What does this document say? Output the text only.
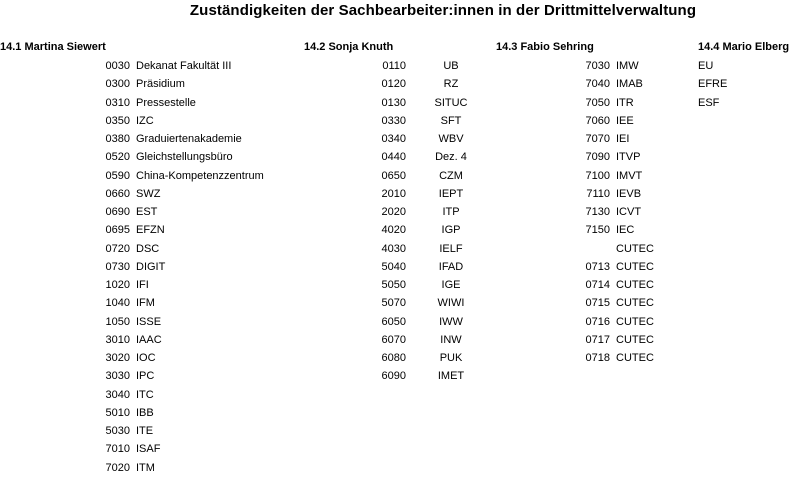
Zuständigkeiten der Sachbearbeiter:innen in der Drittmittelverwaltung
14.1 Martina Siewert	14.2 Sonja Knuth	14.3 Fabio Sehring	14.4 Mario Elberg
0030 Dekanat Fakultät III
0300 Präsidium
0310 Pressestelle
0350 IZC
0380 Graduiertenakademie
0520 Gleichstellungsbüro
0590 China-Kompetenzzentrum
0660 SWZ
0690 EST
0695 EFZN
0720 DSC
0730 DIGIT
1020 IFI
1040 IFM
1050 ISSE
3010 IAAC
3020 IOC
3030 IPC
3040 ITC
5010 IBB
5030 ITE
7010 ISAF
7020 ITM
0110	UB
0120	RZ
0130	SITUC
0330	SFT
0340	WBV
0440	Dez. 4
0650	CZM
2010	IEPT
2020	ITP
4020	IGP
4030	IELF
5040	IFAD
5050	IGE
5070	WIWI
6050	IWW
6070	INW
6080	PUK
6090	IMET
7030 IMW
7040 IMAB
7050 ITR
7060 IEE
7070 IEI
7090 ITVP
7100 IMVT
7110 IEVB
7130 ICVT
7150 IEC
CUTEC
0713 CUTEC
0714 CUTEC
0715 CUTEC
0716 CUTEC
0717 CUTEC
0718 CUTEC
EU
EFRE
ESF
